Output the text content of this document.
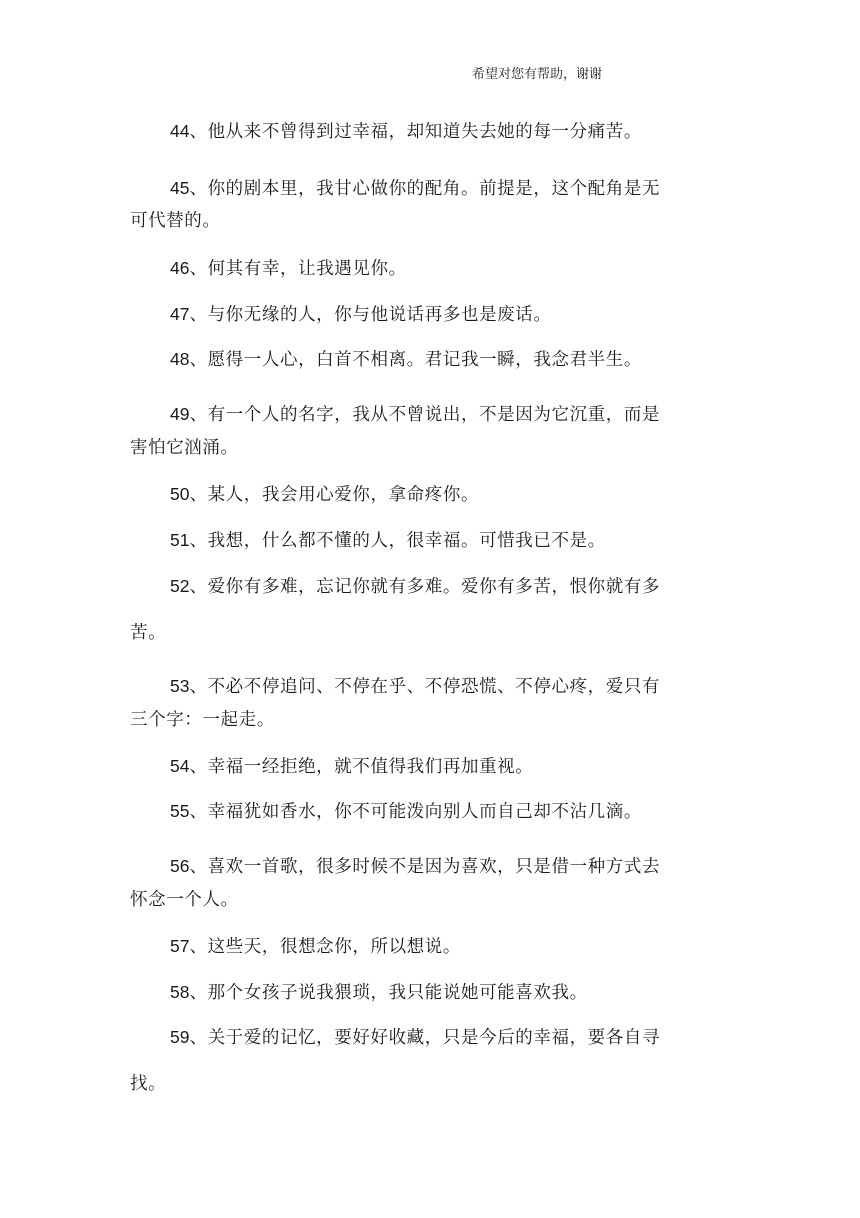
希望对您有帮助，谢谢
44、他从来不曾得到过幸福，却知道失去她的每一分痛苦。
45、你的剧本里，我甘心做你的配角。前提是，这个配角是无
可代替的。
46、何其有幸，让我遇见你。
47、与你无缘的人，你与他说话再多也是废话。
48、愿得一人心，白首不相离。君记我一瞬，我念君半生。
49、有一个人的名字，我从不曾说出，不是因为它沉重，而是
害怕它汹涌。
50、某人，我会用心爱你，拿命疼你。
51、我想，什么都不懂的人，很幸福。可惜我已不是。
52、爱你有多难，忘记你就有多难。爱你有多苦，恨你就有多
苦。
53、不必不停追问、不停在乎、不停恐慌、不停心疼，爱只有
三个字：一起走。
54、幸福一经拒绝，就不值得我们再加重视。
55、幸福犹如香水，你不可能泼向别人而自己却不沾几滴。
56、喜欢一首歌，很多时候不是因为喜欢，只是借一种方式去
怀念一个人。
57、这些天，很想念你，所以想说。
58、那个女孩子说我猥琐，我只能说她可能喜欢我。
59、关于爱的记忆，要好好收藏，只是今后的幸福，要各自寻
找。
